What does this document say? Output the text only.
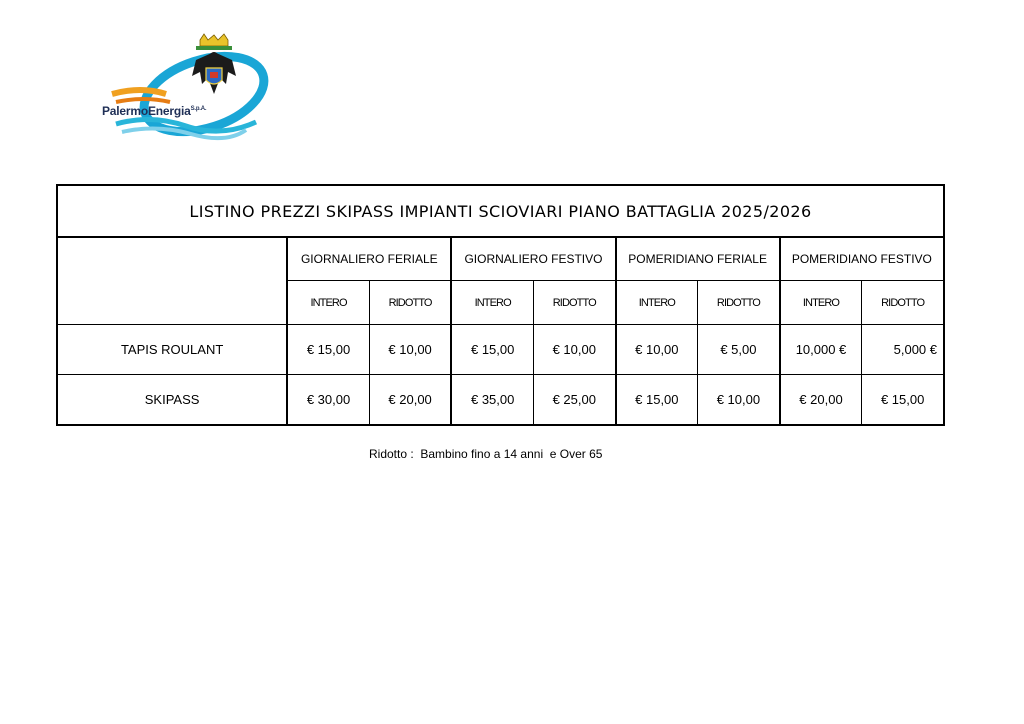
PalermoEnergia$^{S.p.A.}$
LISTINO PREZZI SKIPASS IMPIANTI SCIOVIARI PIANO BATTAGLIA 2025/2026								
	GIORNALIERO FERIALE		GIORNALIERO FESTIVO		POMERIDIANO FERIALE		POMERIDIANO FESTIVO	
	INTERO	RIDOTTO	INTERO	RIDOTTO	INTERO	RIDOTTO	INTERO	RIDOTTO
TAPIS ROULANT	€ 15,00	€ 10,00	€ 15,00	€ 10,00	€ 10,00	€ 5,00	10,000 €	5,000 €
SKIPASS	€ 30,00	€ 20,00	€ 35,00	€ 25,00	€ 15,00	€ 10,00	€ 20,00	€ 15,00
Ridotto :  Bambino fino a 14 anni  e Over 65
